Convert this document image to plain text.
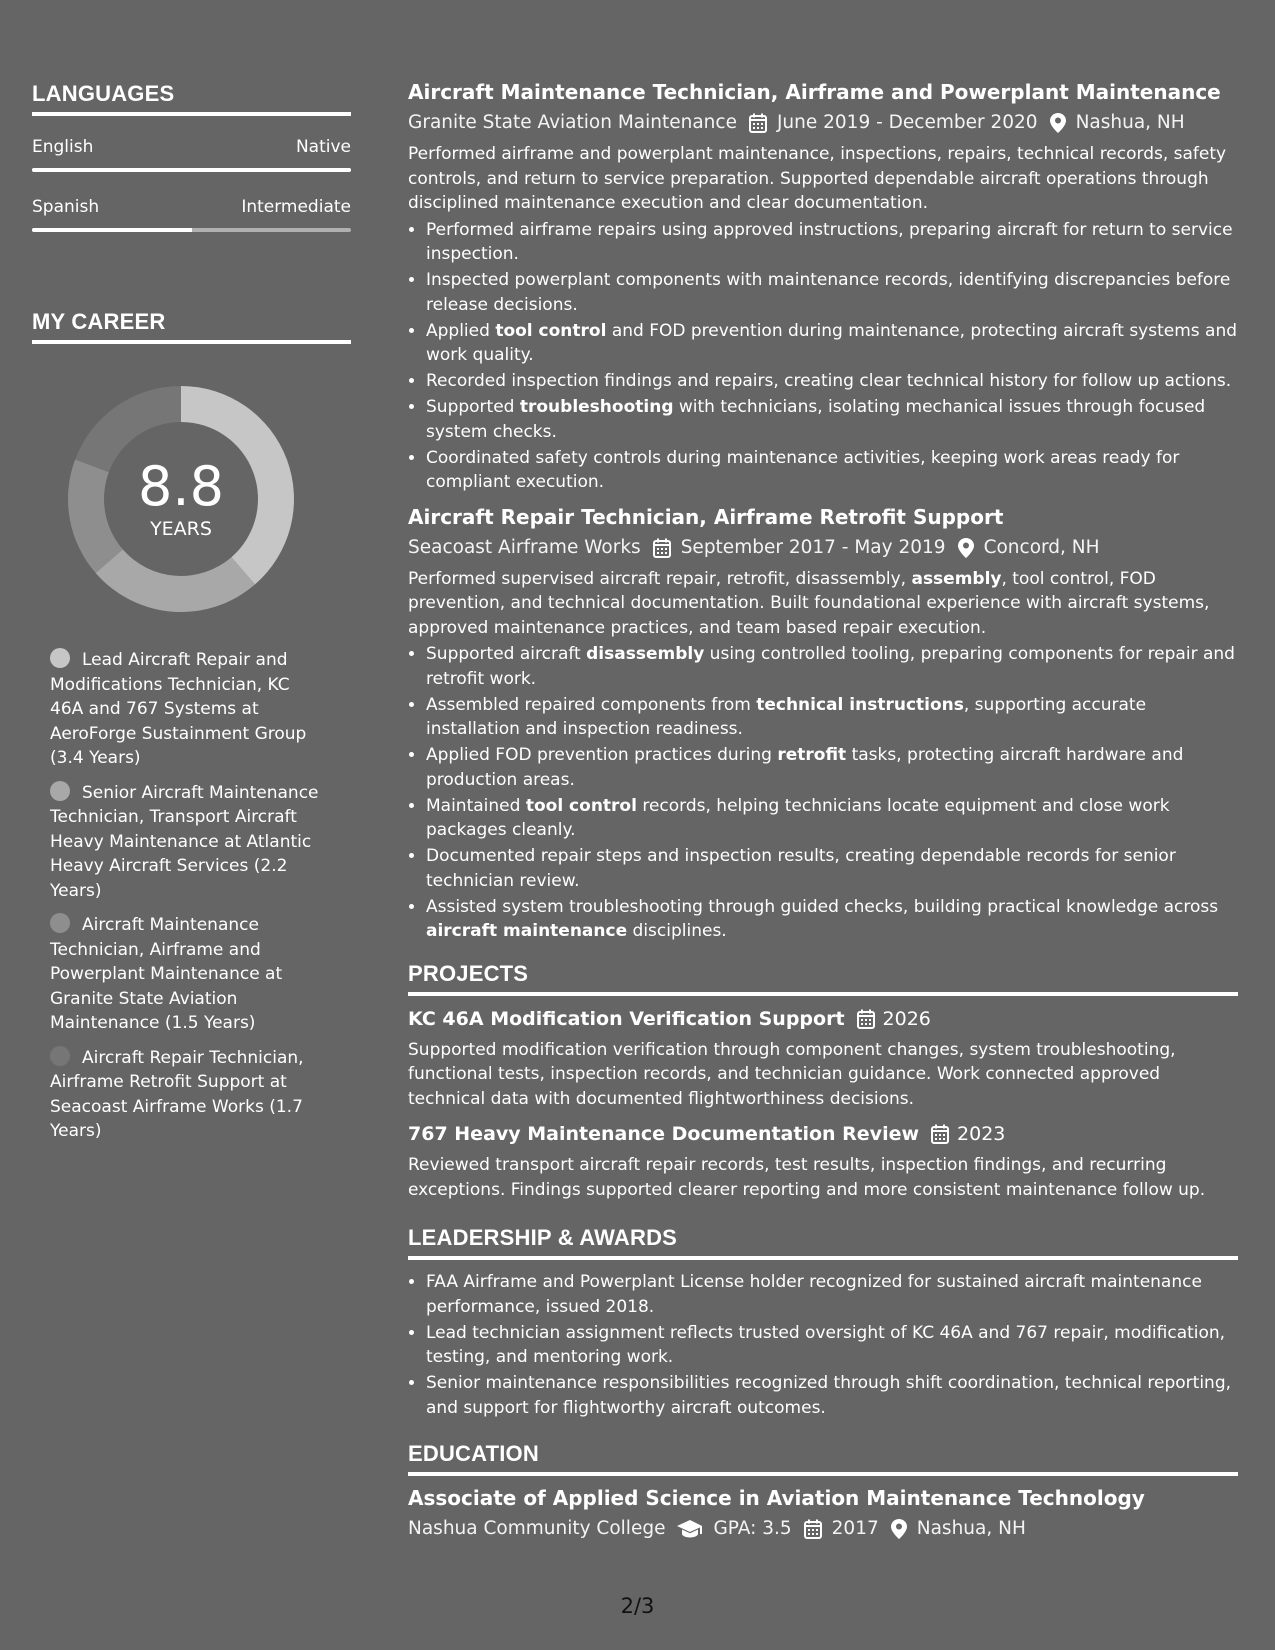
LANGUAGES
English	Native
Spanish	Intermediate
MY CAREER
8.8
YEARS
Lead Aircraft Repair and Modifications Technician, KC 46A and 767 Systems at AeroForge Sustainment Group (3.4 Years)
Senior Aircraft Maintenance Technician, Transport Aircraft Heavy Maintenance at Atlantic Heavy Aircraft Services (2.2 Years)
Aircraft Maintenance Technician, Airframe and Powerplant Maintenance at Granite State Aviation Maintenance (1.5 Years)
Aircraft Repair Technician, Airframe Retrofit Support at Seacoast Airframe Works (1.7 Years)
Aircraft Maintenance Technician, Airframe and Powerplant Maintenance
Granite State Aviation Maintenance June 2019 - December 2020 Nashua, NH
Performed airframe and powerplant maintenance, inspections, repairs, technical records, safety controls, and return to service preparation. Supported dependable aircraft operations through disciplined maintenance execution and clear documentation.
• Performed airframe repairs using approved instructions, preparing aircraft for return to service inspection.
• Inspected powerplant components with maintenance records, identifying discrepancies before release decisions.
• Applied tool control and FOD prevention during maintenance, protecting aircraft systems and work quality.
• Recorded inspection findings and repairs, creating clear technical history for follow up actions.
• Supported troubleshooting with technicians, isolating mechanical issues through focused system checks.
• Coordinated safety controls during maintenance activities, keeping work areas ready for compliant execution.
Aircraft Repair Technician, Airframe Retrofit Support
Seacoast Airframe Works September 2017 - May 2019 Concord, NH
Performed supervised aircraft repair, retrofit, disassembly, assembly, tool control, FOD prevention, and technical documentation. Built foundational experience with aircraft systems, approved maintenance practices, and team based repair execution.
• Supported aircraft disassembly using controlled tooling, preparing components for repair and retrofit work.
• Assembled repaired components from technical instructions, supporting accurate installation and inspection readiness.
• Applied FOD prevention practices during retrofit tasks, protecting aircraft hardware and production areas.
• Maintained tool control records, helping technicians locate equipment and close work packages cleanly.
• Documented repair steps and inspection results, creating dependable records for senior technician review.
• Assisted system troubleshooting through guided checks, building practical knowledge across aircraft maintenance disciplines.
PROJECTS
KC 46A Modification Verification Support 2026
Supported modification verification through component changes, system troubleshooting, functional tests, inspection records, and technician guidance. Work connected approved technical data with documented flightworthiness decisions.
767 Heavy Maintenance Documentation Review 2023
Reviewed transport aircraft repair records, test results, inspection findings, and recurring exceptions. Findings supported clearer reporting and more consistent maintenance follow up.
LEADERSHIP & AWARDS
• FAA Airframe and Powerplant License holder recognized for sustained aircraft maintenance performance, issued 2018.
• Lead technician assignment reflects trusted oversight of KC 46A and 767 repair, modification, testing, and mentoring work.
• Senior maintenance responsibilities recognized through shift coordination, technical reporting, and support for flightworthy aircraft outcomes.
EDUCATION
Associate of Applied Science in Aviation Maintenance Technology
Nashua Community College	GPA: 3.5 2017 Nashua, NH
2/3
